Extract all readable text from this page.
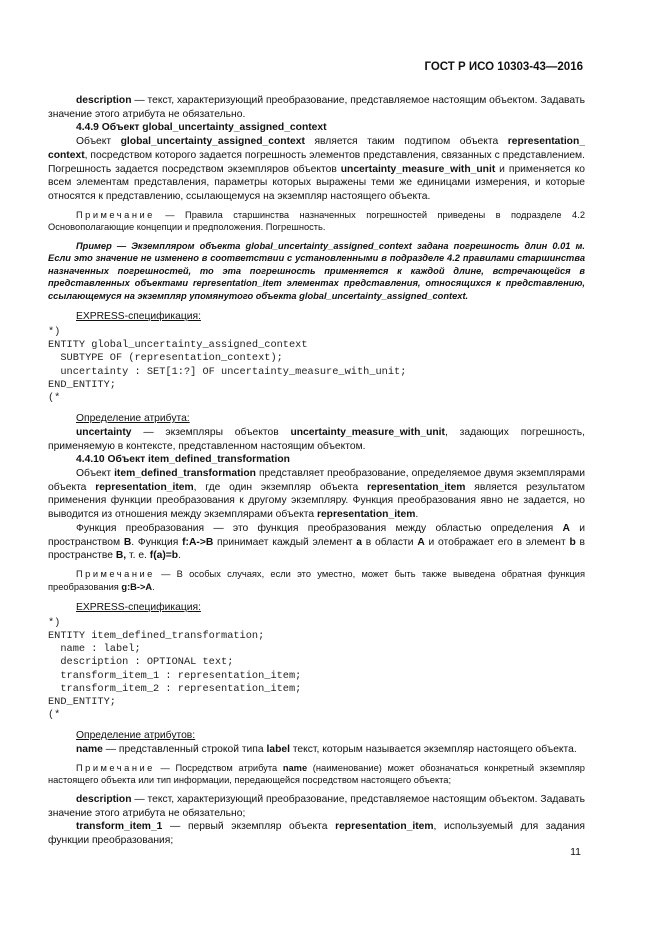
ГОСТ Р ИСО 10303-43—2016

description — текст, характеризующий преобразование, представляемое настоящим объектом. Задавать значение этого атрибута не обязательно.

4.4.9 Объект global_uncertainty_assigned_context

Объект global_uncertainty_assigned_context является таким подтипом объекта representation_ context, посредством которого задается погрешность элементов представления, связанных с представлением. Погрешность задается посредством экземпляров объектов uncertainty_measure_with_unit и применяется ко всем элементам представления, параметры которых выражены теми же единицами измерения, и которые относятся к представлению, ссылающемуся на экземпляр настоящего объекта.

Примечание — Правила старшинства назначенных погрешностей приведены в подразделе 4.2 Основополагающие концепции и предположения. Погрешность.

Пример — Экземпляром объекта global_uncertainty_assigned_context задана погрешность длин 0.01 м. Если это значение не изменено в соответствии с установленными в подразделе 4.2 правилами старшинства назначенных погрешностей, то эта погрешность применяется к каждой длине, встречающейся в представленных объектами representation_item элементах представления, относящихся к представлению, ссылающемуся на экземпляр упомянутого объекта global_uncertainty_assigned_context.

EXPRESS-спецификация:

*)
ENTITY global_uncertainty_assigned_context
SUBTYPE OF (representation_context);
uncertainty : SET[1:?] OF uncertainty_measure_with_unit;
END_ENTITY;
(*

Определение атрибута:

uncertainty — экземпляры объектов uncertainty_measure_with_unit, задающих погрешность, применяемую в контексте, представленном настоящим объектом.

4.4.10 Объект item_defined_transformation

Объект item_defined_transformation представляет преобразование, определяемое двумя экземплярами объекта representation_item, где один экземпляр объекта representation_item является результатом применения функции преобразования к другому экземпляру. Функция преобразования явно не задается, но выводится из отношения между экземплярами объекта representation_item.

Функция преобразования — это функция преобразования между областью определения A и пространством B. Функция f:A->B принимает каждый элемент a в области A и отображает его в элемент b в пространстве B, т. е. f(a)=b.

Примечание — В особых случаях, если это уместно, может быть также выведена обратная функция преобразования g:B->A.

EXPRESS-спецификация:

*)
ENTITY item_defined_transformation;
name : label;
description : OPTIONAL text;
transform_item_1 : representation_item;
transform_item_2 : representation_item;
END_ENTITY;
(*

Определение атрибутов:

name — представленный строкой типа label текст, которым называется экземпляр настоящего объекта.

Примечание — Посредством атрибута name (наименование) может обозначаться конкретный экземпляр настоящего объекта или тип информации, передающейся посредством настоящего объекта;

description — текст, характеризующий преобразование, представляемое настоящим объектом. Задавать значение этого атрибута не обязательно;

transform_item_1 — первый экземпляр объекта representation_item, используемый для задания функции преобразования;

11
